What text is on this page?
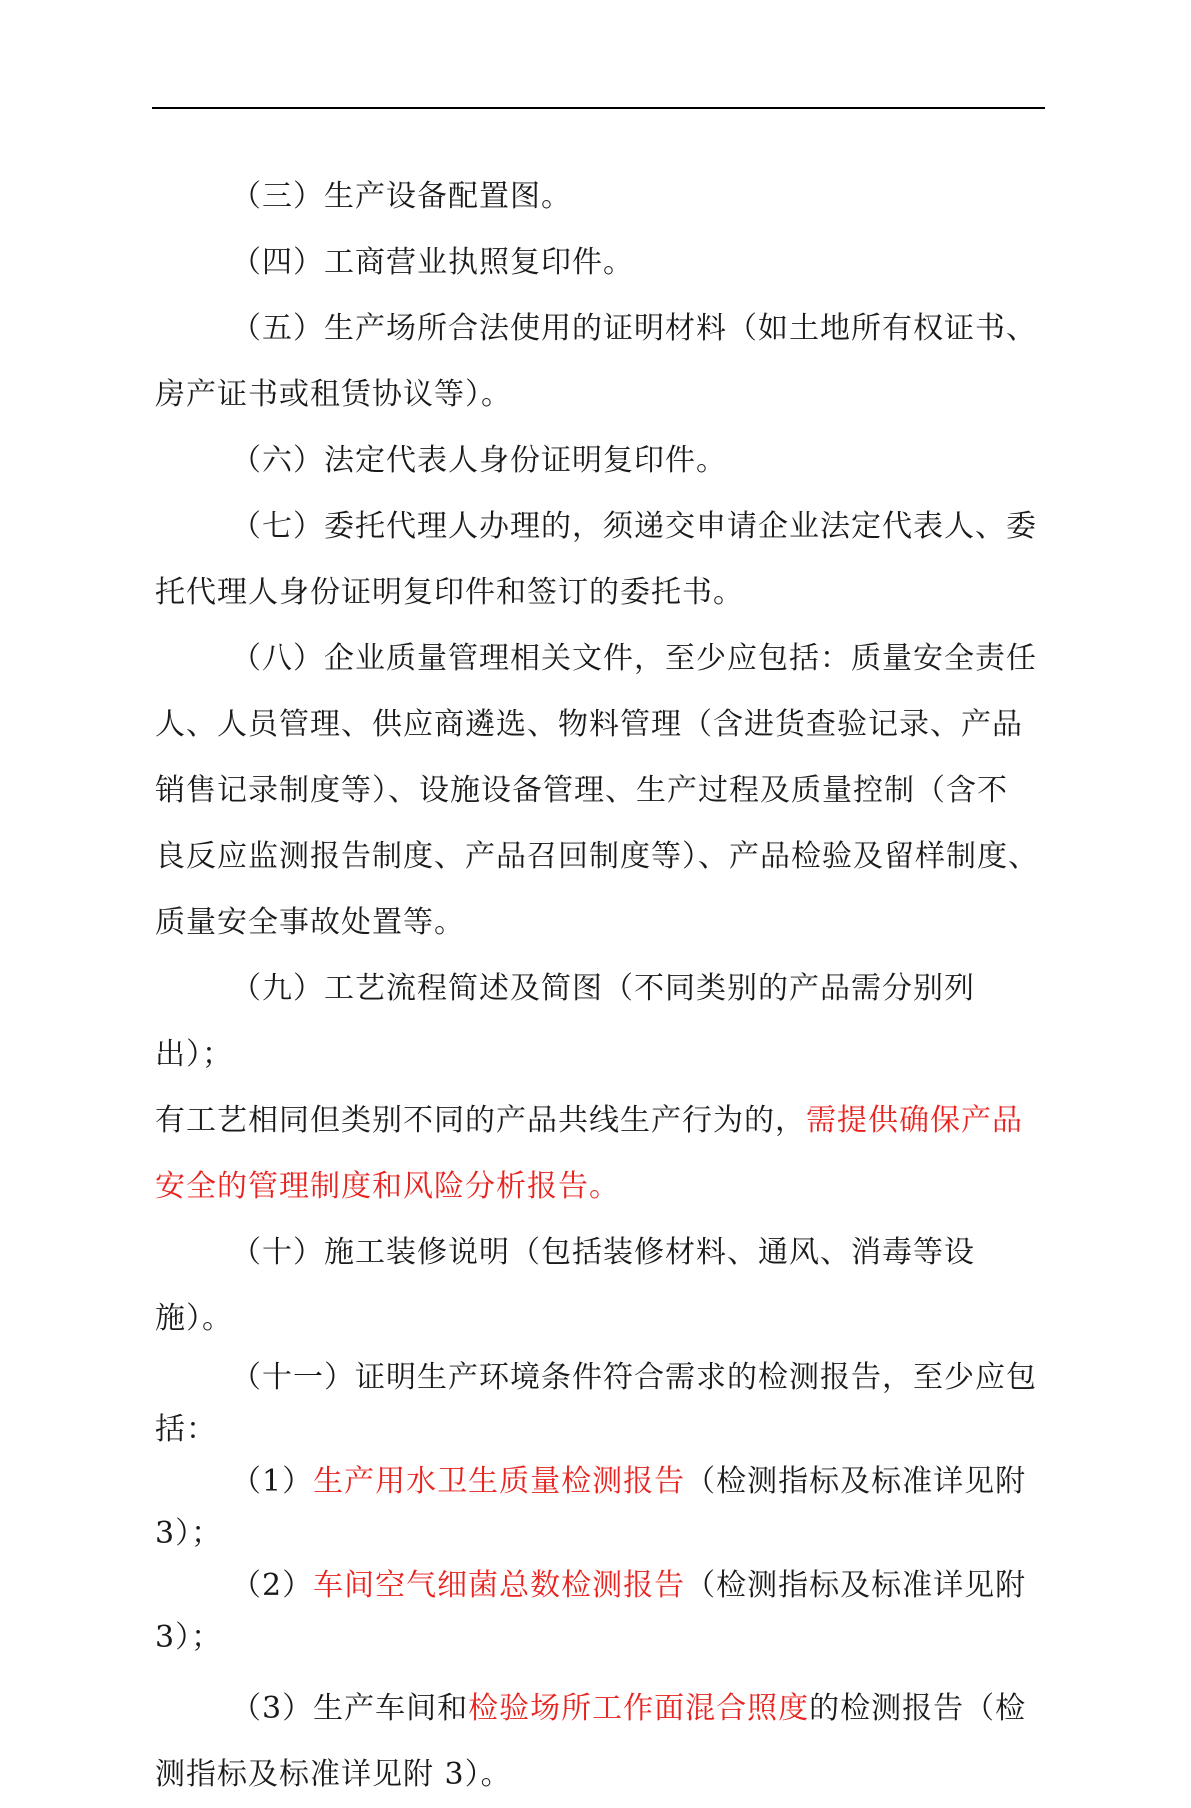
（三）生产设备配置图。

（四）工商营业执照复印件。

（五）生产场所合法使用的证明材料（如土地所有权证书、
房产证书或租赁协议等）。

（六）法定代表人身份证明复印件。

（七）委托代理人办理的，须递交申请企业法定代表人、委
托代理人身份证明复印件和签订的委托书。

（八）企业质量管理相关文件，至少应包括：质量安全责任
人、人员管理、供应商遴选、物料管理（含进货查验记录、产品
销售记录制度等）、设施设备管理、生产过程及质量控制（含不
良反应监测报告制度、产品召回制度等）、产品检验及留样制度、
质量安全事故处置等。

（九）工艺流程简述及简图（不同类别的产品需分别列出）；
有工艺相同但类别不同的产品共线生产行为的，需提供确保产品
安全的管理制度和风险分析报告。

（十）施工装修说明（包括装修材料、通风、消毒等设施）。

（十一）证明生产环境条件符合需求的检测报告，至少应包括：

（1）生产用水卫生质量检测报告（检测指标及标准详见附 3）；

（2）车间空气细菌总数检测报告（检测指标及标准详见附 3）；

（3）生产车间和检验场所工作面混合照度的检测报告（检
测指标及标准详见附 3）。
